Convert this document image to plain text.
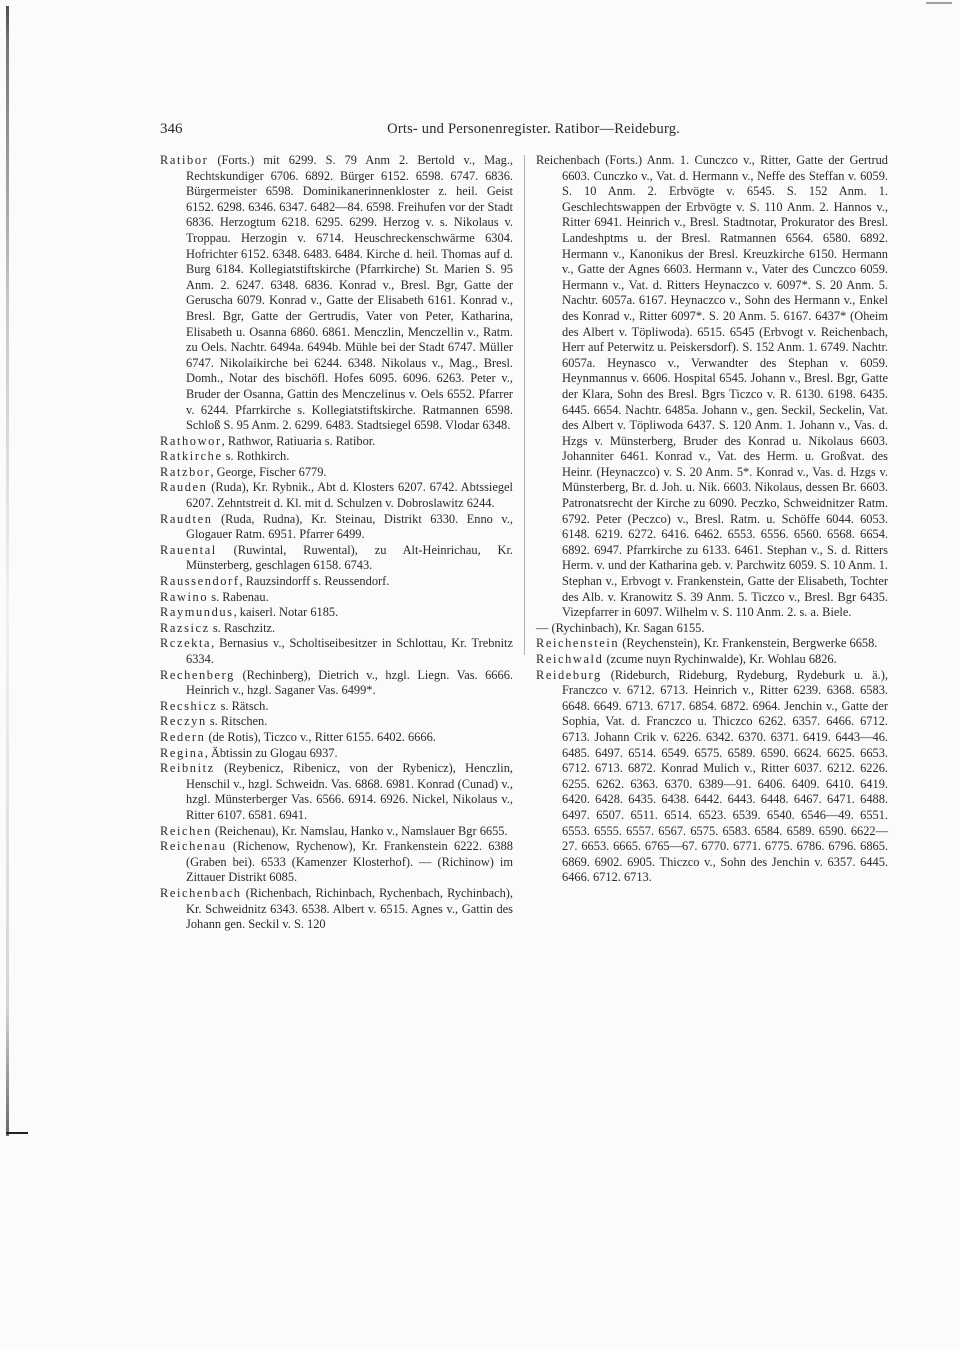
346	Orts- und Personenregister. Ratibor—Reideburg.

Ratibor (Forts.) mit 6299. S. 79 Anm 2. Bertold v., Mag., Rechtskundiger 6706. 6892. Bürger 6152. 6598. 6747. 6836. Bürgermeister 6598. Dominikanerinnenkloster z. heil. Geist 6152. 6298. 6346. 6347. 6482—84. 6598. Freihufen vor der Stadt 6836. Herzogtum 6218. 6295. 6299. Herzog v. s. Nikolaus v. Troppau. Herzogin v. 6714. Heuschreckenschwärme 6304. Hofrichter 6152. 6348. 6483. 6484. Kirche d. heil. Thomas auf d. Burg 6184. Kollegiatstiftskirche (Pfarrkirche) St. Marien S. 95 Anm. 2. 6247. 6348. 6836. Konrad v., Bresl. Bgr, Gatte der Geruscha 6079. Konrad v., Gatte der Elisabeth 6161. Konrad v., Bresl. Bgr, Gatte der Gertrudis, Vater von Peter, Katharina, Elisabeth u. Osanna 6860. 6861. Menczlin, Menczellin v., Ratm. zu Oels. Nachtr. 6494a. 6494b. Mühle bei der Stadt 6747. Müller 6747. Nikolaikirche bei 6244. 6348. Nikolaus v., Mag., Bresl. Domh., Notar des bischöfl. Hofes 6095. 6096. 6263. Peter v., Bruder der Osanna, Gattin des Menczelinus v. Oels 6552. Pfarrer v. 6244. Pfarrkirche s. Kollegiatstiftskirche. Ratmannen 6598. Schloß S. 95 Anm. 2. 6299. 6483. Stadtsiegel 6598. Vlodar 6348.

Rathowor, Rathwor, Ratiuaria s. Ratibor.

Ratkirche s. Rothkirch.

Ratzbor, George, Fischer 6779.

Rauden (Ruda), Kr. Rybnik., Abt d. Klosters 6207. 6742. Abtssiegel 6207. Zehntstreit d. Kl. mit d. Schulzen v. Dobroslawitz 6244.

Raudten (Ruda, Rudna), Kr. Steinau, Distrikt 6330. Enno v., Glogauer Ratm. 6951. Pfarrer 6499.

Rauental (Ruwintal, Ruwental), zu Alt-Heinrichau, Kr. Münsterberg, geschlagen 6158. 6743.

Raussendorf, Rauzsindorff s. Reussendorf.

Rawino s. Rabenau.

Raymundus, kaiserl. Notar 6185.

Razsicz s. Raschzitz.

Rczekta, Bernasius v., Scholtiseibesitzer in Schlottau, Kr. Trebnitz 6334.

Rechenberg (Rechinberg), Dietrich v., hzgl. Liegn. Vas. 6666. Heinrich v., hzgl. Saganer Vas. 6499*.

Recshicz s. Rätsch.

Reczyn s. Ritschen.

Redern (de Rotis), Ticzco v., Ritter 6155. 6402. 6666.

Regina, Äbtissin zu Glogau 6937.

Reibnitz (Reybenicz, Ribenicz, von der Rybenicz), Henczlin, Henschil v., hzgl. Schweidn. Vas. 6868. 6981. Konrad (Cunad) v., hzgl. Münsterberger Vas. 6566. 6914. 6926. Nickel, Nikolaus v., Ritter 6107. 6581. 6941.

Reichen (Reichenau), Kr. Namslau, Hanko v., Namslauer Bgr 6655.

Reichenau (Richenow, Rychenow), Kr. Frankenstein 6222. 6388 (Graben bei). 6533 (Kamenzer Klosterhof). — (Richinow) im Zittauer Distrikt 6085.

Reichenbach (Richenbach, Richinbach, Rychenbach, Rychinbach), Kr. Schweidnitz 6343. 6538. Albert v. 6515. Agnes v., Gattin des Johann gen. Seckil v. S. 120

Reichenbach (Forts.) Anm. 1. Cunczco v., Ritter, Gatte der Gertrud 6603. Cunczko v., Vat. d. Hermann v., Neffe des Steffan v. 6059. S. 10 Anm. 2. Erbvögte v. 6545. S. 152 Anm. 1. Geschlechtswappen der Erbvögte v. S. 110 Anm. 2. Hannos v., Ritter 6941. Heinrich v., Bresl. Stadtnotar, Prokurator des Bresl. Landeshptms u. der Bresl. Ratmannen 6564. 6580. 6892. Hermann v., Kanonikus der Bresl. Kreuzkirche 6150. Hermann v., Gatte der Agnes 6603. Hermann v., Vater des Cunczco 6059. Hermann v., Vat. d. Ritters Heynaczco v. 6097*. S. 20 Anm. 5. Nachtr. 6057a. 6167. Heynaczco v., Sohn des Hermann v., Enkel des Konrad v., Ritter 6097*. S. 20 Anm. 5. 6167. 6437* (Oheim des Albert v. Töpliwoda). 6515. 6545 (Erbvogt v. Reichenbach, Herr auf Peterwitz u. Peiskersdorf). S. 152 Anm. 1. 6749. Nachtr. 6057a. Heynasco v., Verwandter des Stephan v. 6059. Heynmannus v. 6606. Hospital 6545. Johann v., Bresl. Bgr, Gatte der Klara, Sohn des Bresl. Bgrs Ticzco v. R. 6130. 6198. 6435. 6445. 6654. Nachtr. 6485a. Johann v., gen. Seckil, Seckelin, Vat. des Albert v. Töpliwoda 6437. S. 120 Anm. 1. Johann v., Vas. d. Hzgs v. Münsterberg, Bruder des Konrad u. Nikolaus 6603. Johanniter 6461. Konrad v., Vat. des Herm. u. Großvat. des Heinr. (Heynaczco) v. S. 20 Anm. 5*. Konrad v., Vas. d. Hzgs v. Münsterberg, Br. d. Joh. u. Nik. 6603. Nikolaus, dessen Br. 6603. Patronatsrecht der Kirche zu 6090. Peczko, Schweidnitzer Ratm. 6792. Peter (Peczco) v., Bresl. Ratm. u. Schöffe 6044. 6053. 6148. 6219. 6272. 6416. 6462. 6553. 6556. 6560. 6568. 6654. 6892. 6947. Pfarrkirche zu 6133. 6461. Stephan v., S. d. Ritters Herm. v. und der Katharina geb. v. Parchwitz 6059. S. 10 Anm. 1. Stephan v., Erbvogt v. Frankenstein, Gatte der Elisabeth, Tochter des Alb. v. Kranowitz S. 39 Anm. 5. Ticzco v., Bresl. Bgr 6435. Vizepfarrer in 6097. Wilhelm v. S. 110 Anm. 2. s. a. Biele.

— (Rychinbach), Kr. Sagan 6155.

Reichenstein (Reychenstein), Kr. Frankenstein, Bergwerke 6658.

Reichwald (zcume nuyn Rychinwalde), Kr. Wohlau 6826.

Reideburg (Rideburch, Rideburg, Rydeburg, Rydeburk u. ä.), Franczco v. 6712. 6713. Heinrich v., Ritter 6239. 6368. 6583. 6648. 6649. 6713. 6717. 6854. 6872. 6964. Jenchin v., Gatte der Sophia, Vat. d. Franczco u. Thiczco 6262. 6357. 6466. 6712. 6713. Johann Crik v. 6226. 6342. 6370. 6371. 6419. 6443—46. 6485. 6497. 6514. 6549. 6575. 6589. 6590. 6624. 6625. 6653. 6712. 6713. 6872. Konrad Mulich v., Ritter 6037. 6212. 6226. 6255. 6262. 6363. 6370. 6389—91. 6406. 6409. 6410. 6419. 6420. 6428. 6435. 6438. 6442. 6443. 6448. 6467. 6471. 6488. 6497. 6507. 6511. 6514. 6523. 6539. 6540. 6546—49. 6551. 6553. 6555. 6557. 6567. 6575. 6583. 6584. 6589. 6590. 6622—27. 6653. 6665. 6765—67. 6770. 6771. 6775. 6786. 6796. 6865. 6869. 6902. 6905. Thiczco v., Sohn des Jenchin v. 6357. 6445. 6466. 6712. 6713.
